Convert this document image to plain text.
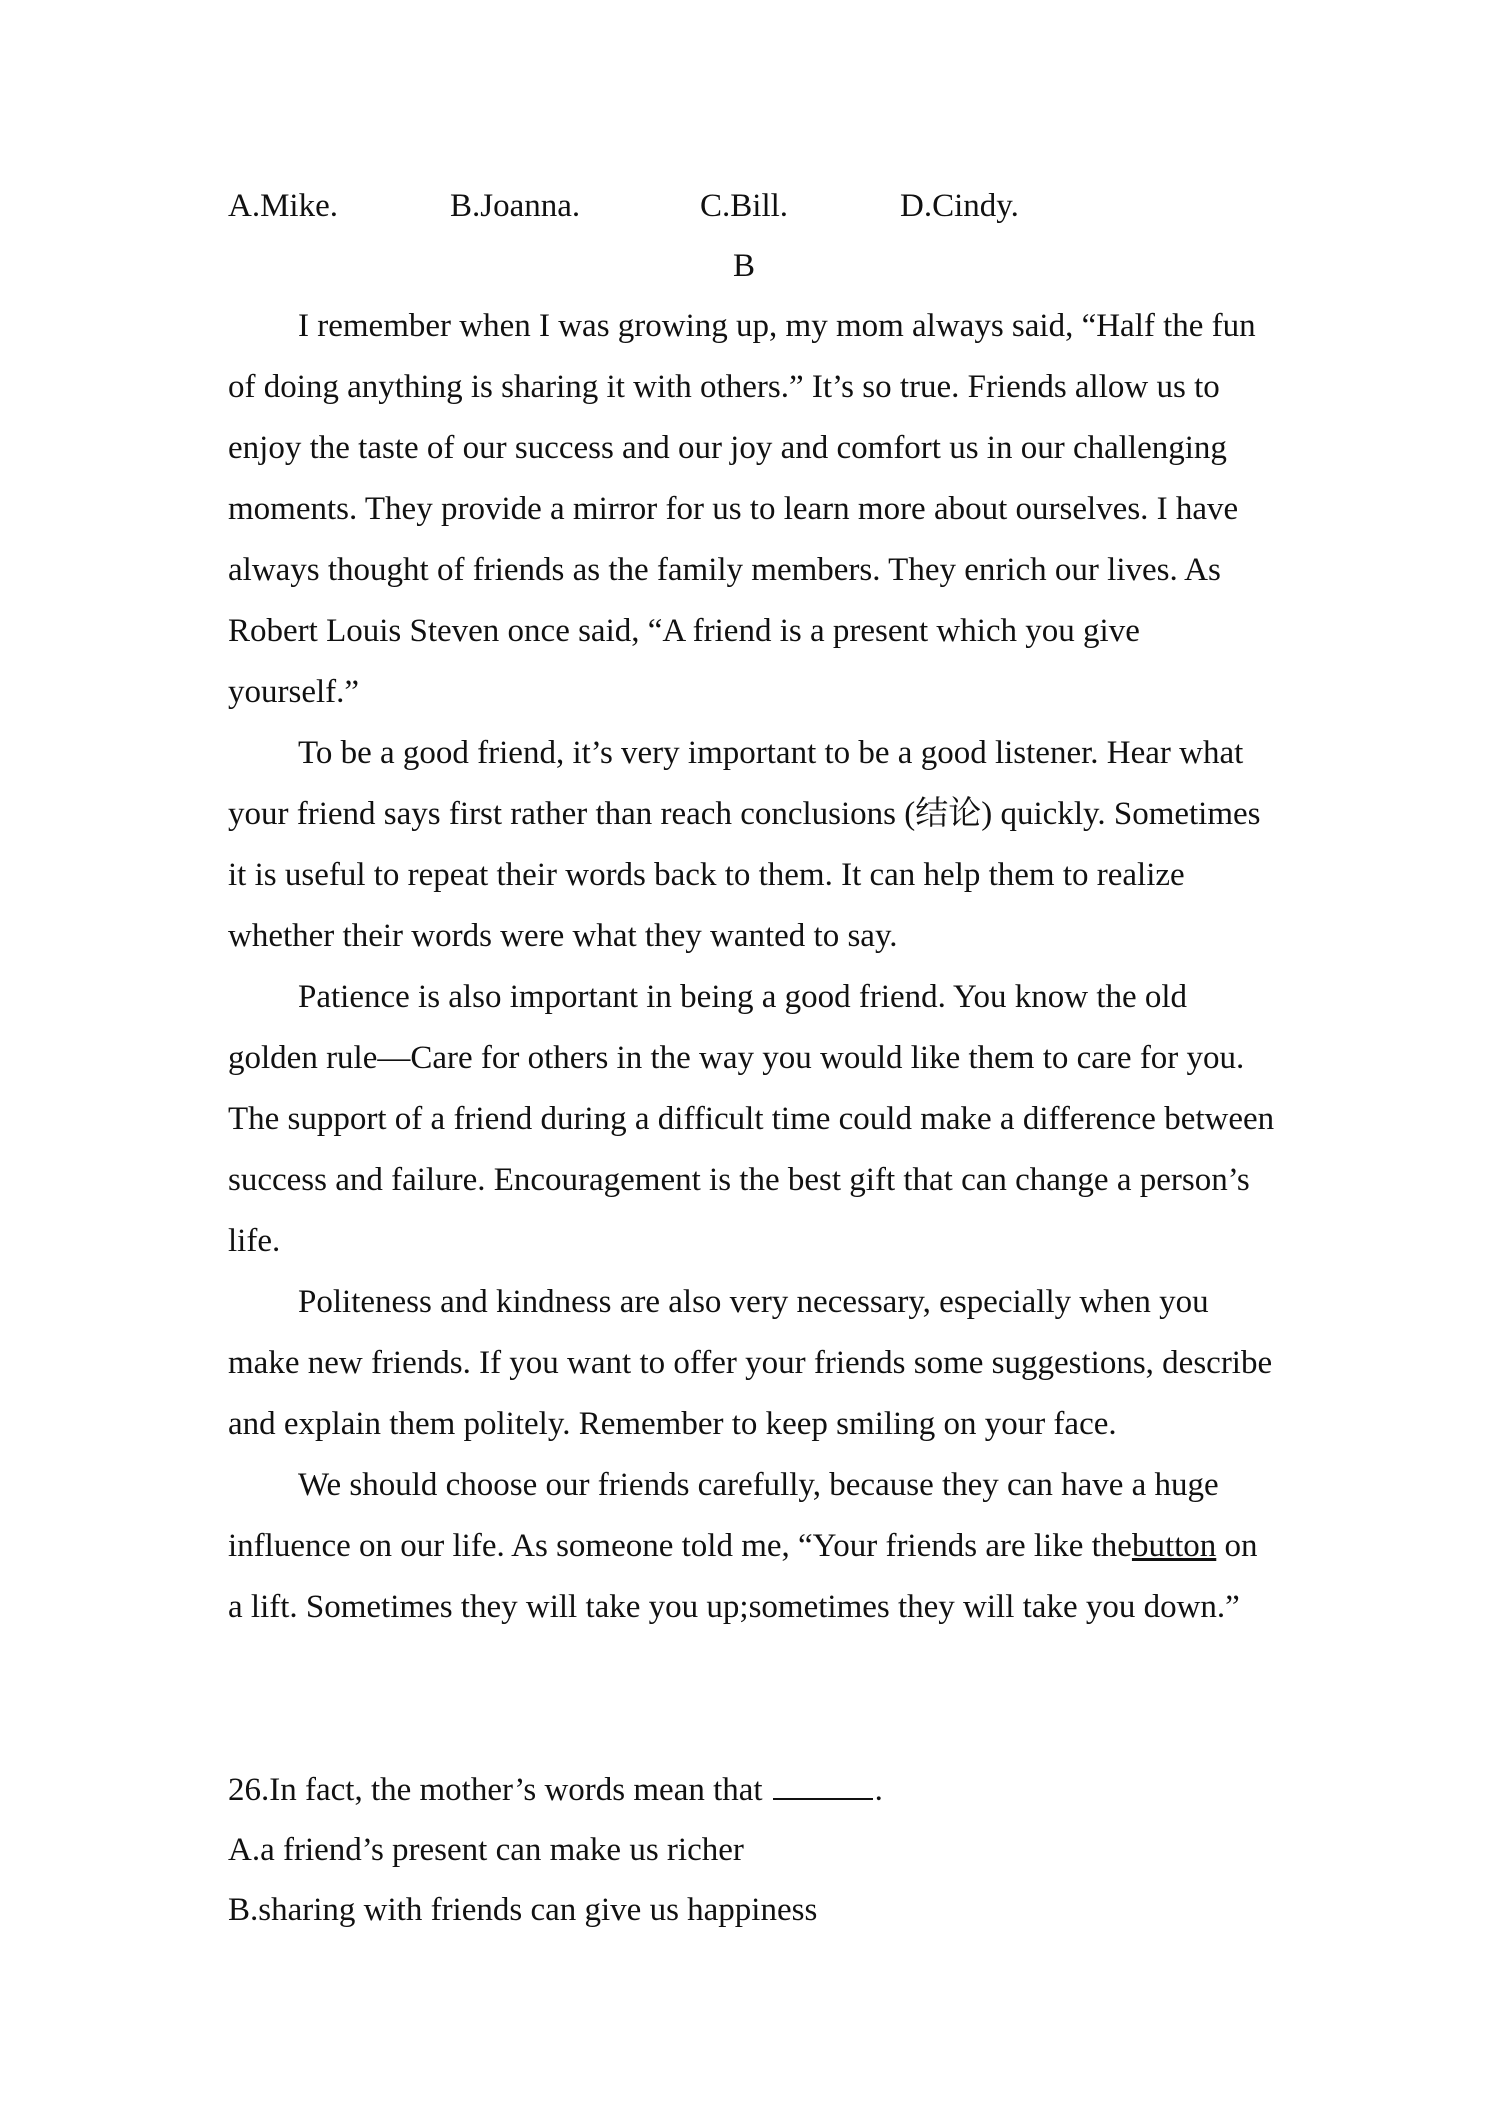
A.Mike.	B.Joanna.	C.Bill.	D.Cindy.
B

I remember when I was growing up, my mom always said, “Half the fun of doing anything is sharing it with others.” It’s so true. Friends allow us to enjoy the taste of our success and our joy and comfort us in our challenging moments. They provide a mirror for us to learn more about ourselves. I have always thought of friends as the family members. They enrich our lives. As Robert Louis Steven once said, “A friend is a present which you give yourself.”

To be a good friend, it’s very important to be a good listener. Hear what your friend says first rather than reach conclusions (结论) quickly. Sometimes it is useful to repeat their words back to them. It can help them to realize whether their words were what they wanted to say.

Patience is also important in being a good friend. You know the old golden rule—Care for others in the way you would like them to care for you. The support of a friend during a difficult time could make a difference between success and failure. Encouragement is the best gift that can change a person’s life.

Politeness and kindness are also very necessary, especially when you make new friends. If you want to offer your friends some suggestions, describe and explain them politely. Remember to keep smiling on your face.

We should choose our friends carefully, because they can have a huge influence on our life. As someone told me, “Your friends are like thebutton on a lift. Sometimes they will take you up;sometimes they will take you down.”

26.In fact, the mother’s words mean that	.
A.a friend’s present can make us richer
B.sharing with friends can give us happiness
